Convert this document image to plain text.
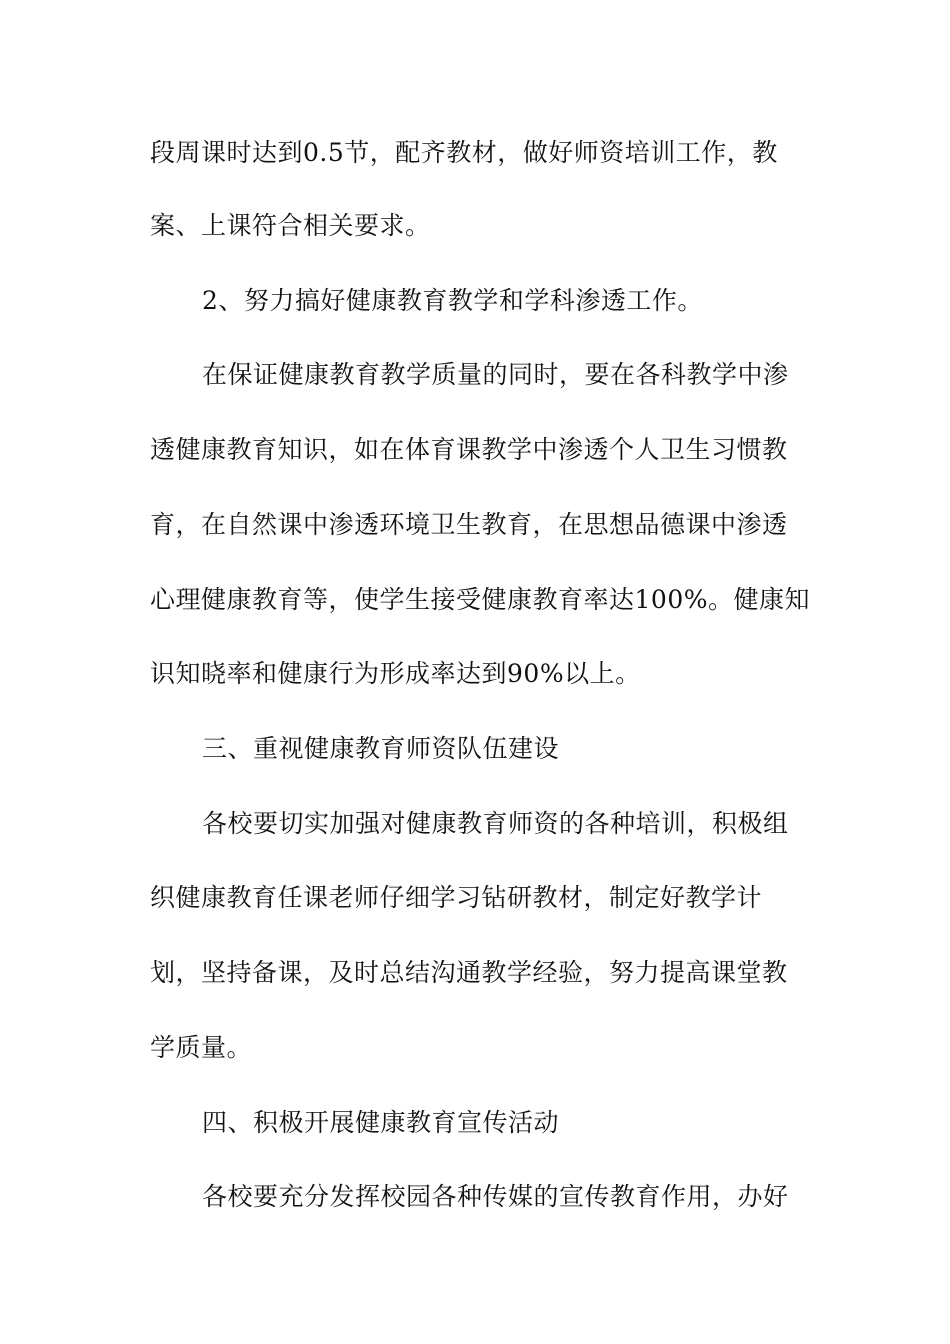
段周课时达到0.5节，配齐教材，做好师资培训工作，教
案、上课符合相关要求。
2、努力搞好健康教育教学和学科渗透工作。
在保证健康教育教学质量的同时，要在各科教学中渗
透健康教育知识，如在体育课教学中渗透个人卫生习惯教
育，在自然课中渗透环境卫生教育，在思想品德课中渗透
心理健康教育等，使学生接受健康教育率达100%。健康知
识知晓率和健康行为形成率达到90%以上。
三、重视健康教育师资队伍建设
各校要切实加强对健康教育师资的各种培训，积极组
织健康教育任课老师仔细学习钻研教材，制定好教学计
划，坚持备课，及时总结沟通教学经验，努力提高课堂教
学质量。
四、积极开展健康教育宣传活动
各校要充分发挥校园各种传媒的宣传教育作用，办好
